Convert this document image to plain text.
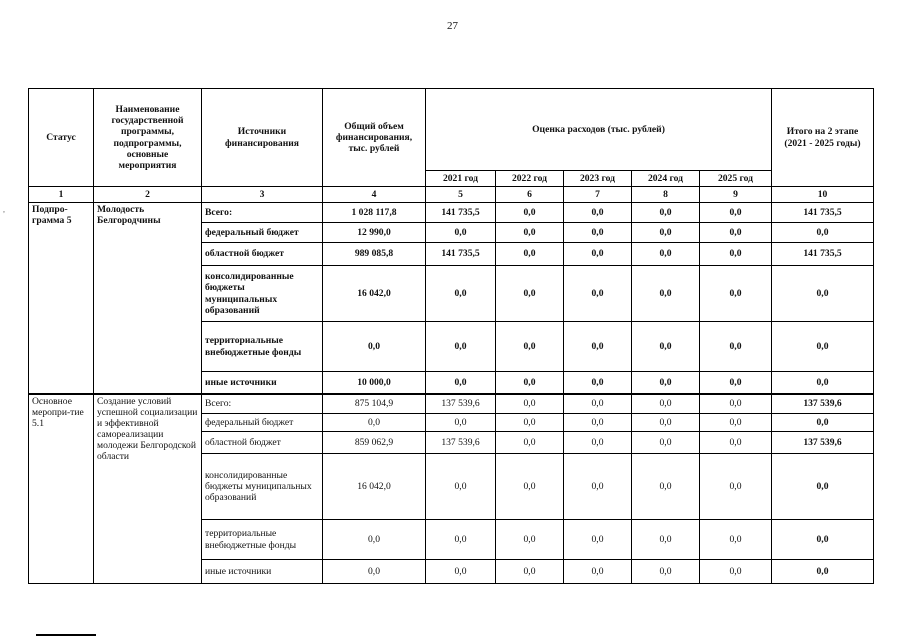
27
,
Статус	Наименование государственной программы, подпрограммы, основные мероприятия	Источники финансирования	Общий объем финансирования, тыс. рублей	Оценка расходов (тыс. рублей)					Итого на 2 этапе (2021 - 2025 годы)
				2021 год	2022 год	2023 год	2024 год	2025 год	
1	2	3	4	5	6	7	8	9	10
Подпро-грамма 5	Молодость Белгородчины	Всего:	1 028 117,8	141 735,5	0,0	0,0	0,0	0,0	141 735,5
		федеральный бюджет	12 990,0	0,0	0,0	0,0	0,0	0,0	0,0
		областной бюджет	989 085,8	141 735,5	0,0	0,0	0,0	0,0	141 735,5
		консолидированные бюджеты муниципальных образований	16 042,0	0,0	0,0	0,0	0,0	0,0	0,0
		территориальные внебюджетные фонды	0,0	0,0	0,0	0,0	0,0	0,0	0,0
		иные источники	10 000,0	0,0	0,0	0,0	0,0	0,0	0,0
Основное меропри-тие 5.1	Создание условий успешной социализации и эффективной самореализации молодежи Белгородской области	Всего:	875 104,9	137 539,6	0,0	0,0	0,0	0,0	137 539,6
		федеральный бюджет	0,0	0,0	0,0	0,0	0,0	0,0	0,0
		областной бюджет	859 062,9	137 539,6	0,0	0,0	0,0	0,0	137 539,6
		консолидированные бюджеты муниципальных образований	16 042,0	0,0	0,0	0,0	0,0	0,0	0,0
		территориальные внебюджетные фонды	0,0	0,0	0,0	0,0	0,0	0,0	0,0
		иные источники	0,0	0,0	0,0	0,0	0,0	0,0	0,0
